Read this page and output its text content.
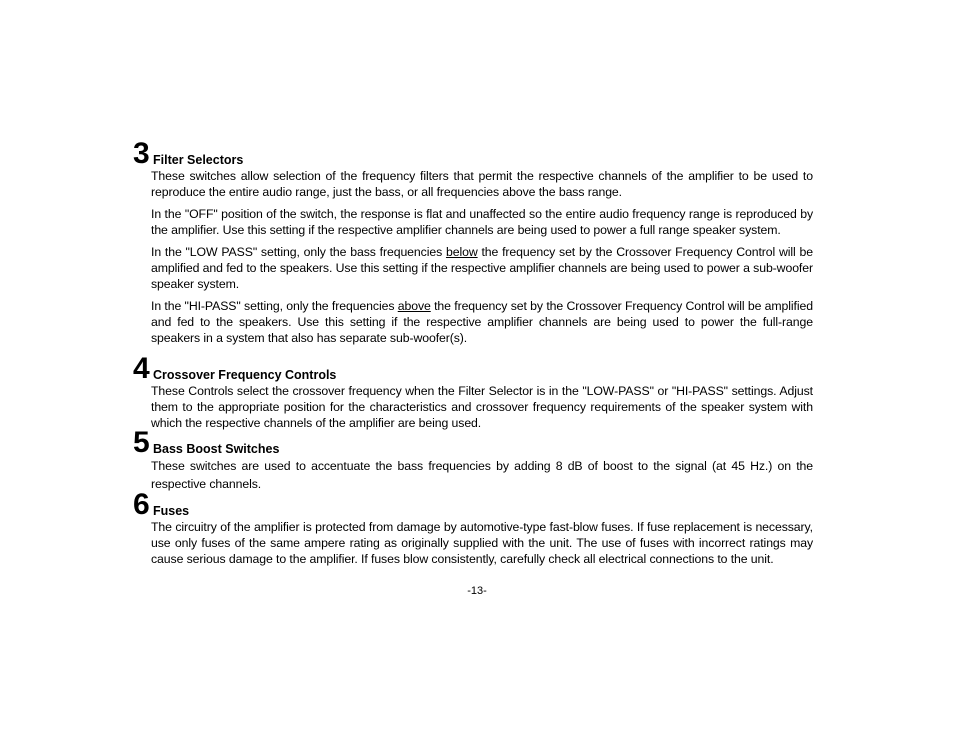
3 Filter Selectors

These switches allow selection of the frequency filters that permit the respective channels of the amplifier to be used to reproduce the entire audio range, just the bass, or all frequencies above the bass range.

In the "OFF" position of the switch, the response is flat and unaffected so the entire audio frequency range is reproduced by the amplifier. Use this setting if the respective amplifier channels are being used to power a full range speaker system.

In the "LOW PASS" setting, only the bass frequencies below the frequency set by the Crossover Frequency Control will be amplified and fed to the speakers. Use this setting if the respective amplifier channels are being used to power a sub-woofer speaker system.

In the "HI-PASS" setting, only the frequencies above the frequency set by the Crossover Frequency Control will be amplified and fed to the speakers. Use this setting if the respective amplifier channels are being used to power the full-range speakers in a system that also has separate sub-woofer(s).

4 Crossover Frequency Controls

These Controls select the crossover frequency when the Filter Selector is in the "LOW-PASS" or "HI-PASS" settings. Adjust them to the appropriate position for the characteristics and crossover frequency requirements of the speaker system with which the respective channels of the amplifier are being used.

5 Bass Boost Switches

These switches are used to accentuate the bass frequencies by adding 8 dB of boost to the signal (at 45 Hz.) on the respective channels.

6 Fuses

The circuitry of the amplifier is protected from damage by automotive-type fast-blow fuses. If fuse replacement is necessary, use only fuses of the same ampere rating as originally supplied with the unit. The use of fuses with incorrect ratings may cause serious damage to the amplifier. If fuses blow consistently, carefully check all electrical connections to the unit.

-13-
